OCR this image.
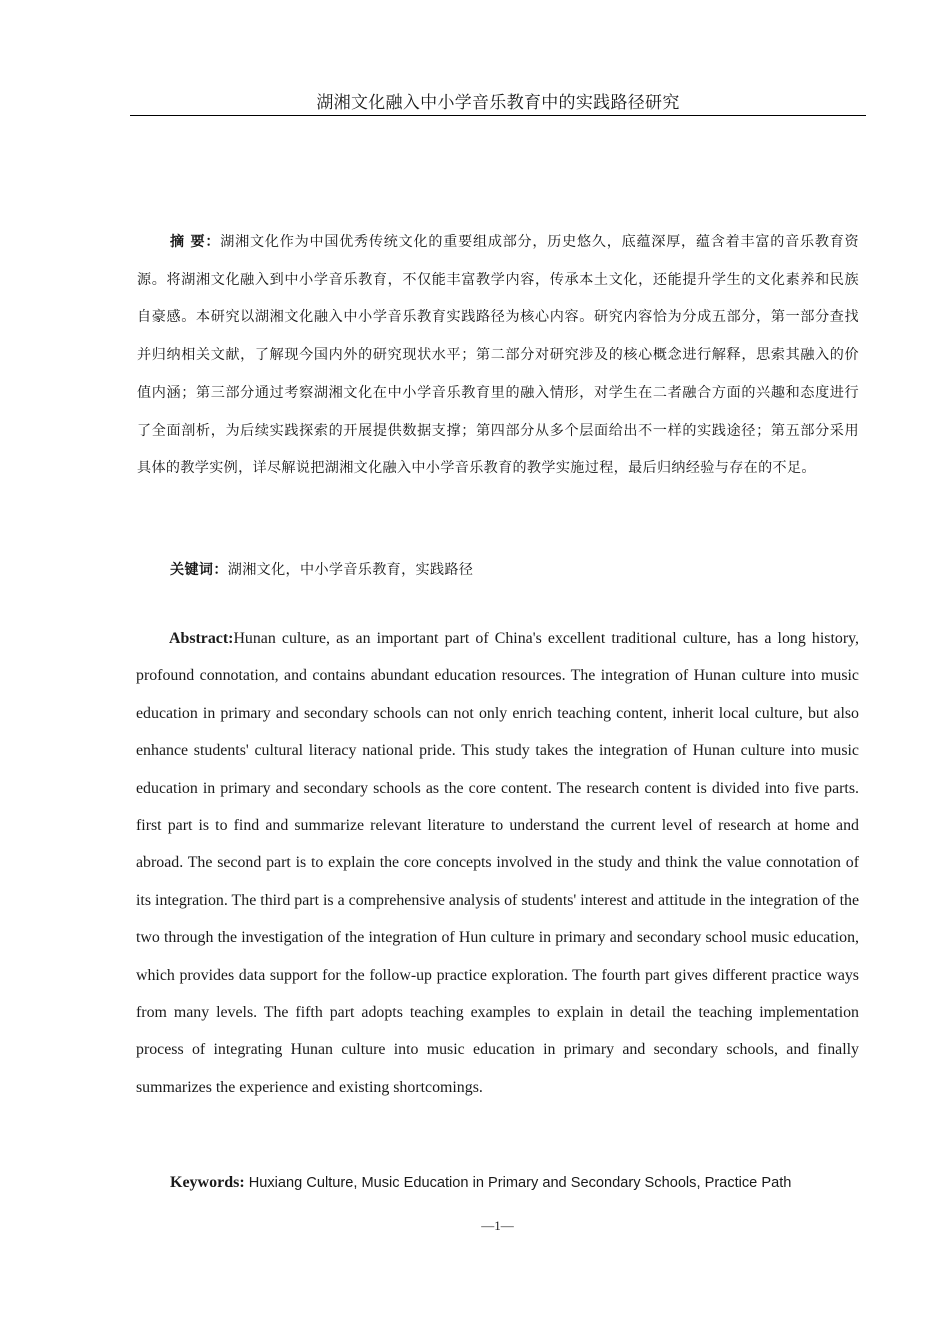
湖湘文化融入中小学音乐教育中的实践路径研究

摘 要：湖湘文化作为中国优秀传统文化的重要组成部分，历史悠久，底蕴深厚，蕴含着丰富的音乐教育资源。将湖湘文化融入到中小学音乐教育，不仅能丰富教学内容，传承本土文化，还能提升学生的文化素养和民族自豪感。本研究以湖湘文化融入中小学音乐教育实践路径为核心内容。研究内容恰为分成五部分，第一部分查找并归纳相关文献，了解现今国内外的研究现状水平；第二部分对研究涉及的核心概念进行解释，思索其融入的价值内涵；第三部分通过考察湖湘文化在中小学音乐教育里的融入情形，对学生在二者融合方面的兴趣和态度进行了全面剖析，为后续实践探索的开展提供数据支撑；第四部分从多个层面给出不一样的实践途径；第五部分采用具体的教学实例，详尽解说把湖湘文化融入中小学音乐教育的教学实施过程，最后归纳经验与存在的不足。

关键词：湖湘文化，中小学音乐教育，实践路径

Abstract:Hunan culture, as an important part of China's excellent traditional culture, has a long history, profound connotation, and contains abundant education resources. The integration of Hunan culture into music education in primary and secondary schools can not only enrich teaching content, inherit local culture, but also enhance students' cultural literacy national pride. This study takes the integration of Hunan culture into music education in primary and secondary schools as the core content. The research content is divided into five parts. first part is to find and summarize relevant literature to understand the current level of research at home and abroad. The second part is to explain the core concepts involved in the study and think the value connotation of its integration. The third part is a comprehensive analysis of students' interest and attitude in the integration of the two through the investigation of the integration of Hun culture in primary and secondary school music education, which provides data support for the follow-up practice exploration. The fourth part gives different practice ways from many levels. The fifth part adopts teaching examples to explain in detail the teaching implementation process of integrating Hunan culture into music education in primary and secondary schools, and finally summarizes the experience and existing shortcomings.

Keywords: Huxiang Culture, Music Education in Primary and Secondary Schools, Practice Path

—1—
